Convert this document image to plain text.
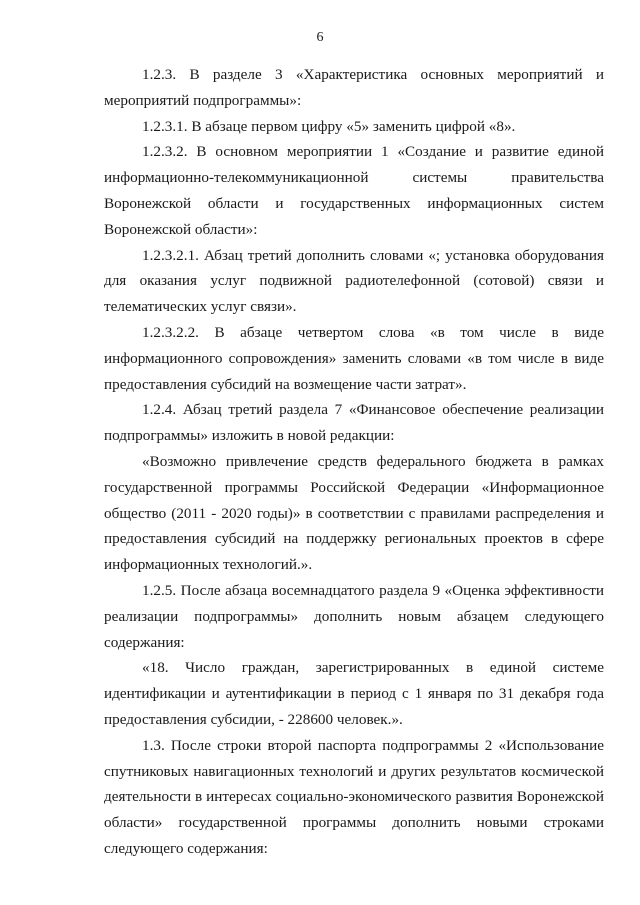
6

1.2.3. В разделе 3 «Характеристика основных мероприятий и мероприятий подпрограммы»:

1.2.3.1. В абзаце первом цифру «5» заменить цифрой «8».

1.2.3.2. В основном мероприятии 1 «Создание и развитие единой информационно-телекоммуникационной системы правительства Воронежской области и государственных информационных систем Воронежской области»:

1.2.3.2.1. Абзац третий дополнить словами «; установка оборудования для оказания услуг подвижной радиотелефонной (сотовой) связи и телематических услуг связи».

1.2.3.2.2. В абзаце четвертом слова «в том числе в виде информационного сопровождения» заменить словами «в том числе в виде предоставления субсидий на возмещение части затрат».

1.2.4. Абзац третий раздела 7 «Финансовое обеспечение реализации подпрограммы» изложить в новой редакции:

«Возможно привлечение средств федерального бюджета в рамках государственной программы Российской Федерации «Информационное общество (2011 - 2020 годы)» в соответствии с правилами распределения и предоставления субсидий на поддержку региональных проектов в сфере информационных технологий.».

1.2.5. После абзаца восемнадцатого раздела 9 «Оценка эффективности реализации подпрограммы» дополнить новым абзацем следующего содержания:

«18. Число граждан, зарегистрированных в единой системе идентификации и аутентификации в период с 1 января по 31 декабря года предоставления субсидии, - 228600 человек.».

1.3. После строки второй паспорта подпрограммы 2 «Использование спутниковых навигационных технологий и других результатов космической деятельности в интересах социально-экономического развития Воронежской области» государственной программы дополнить новыми строками следующего содержания:
